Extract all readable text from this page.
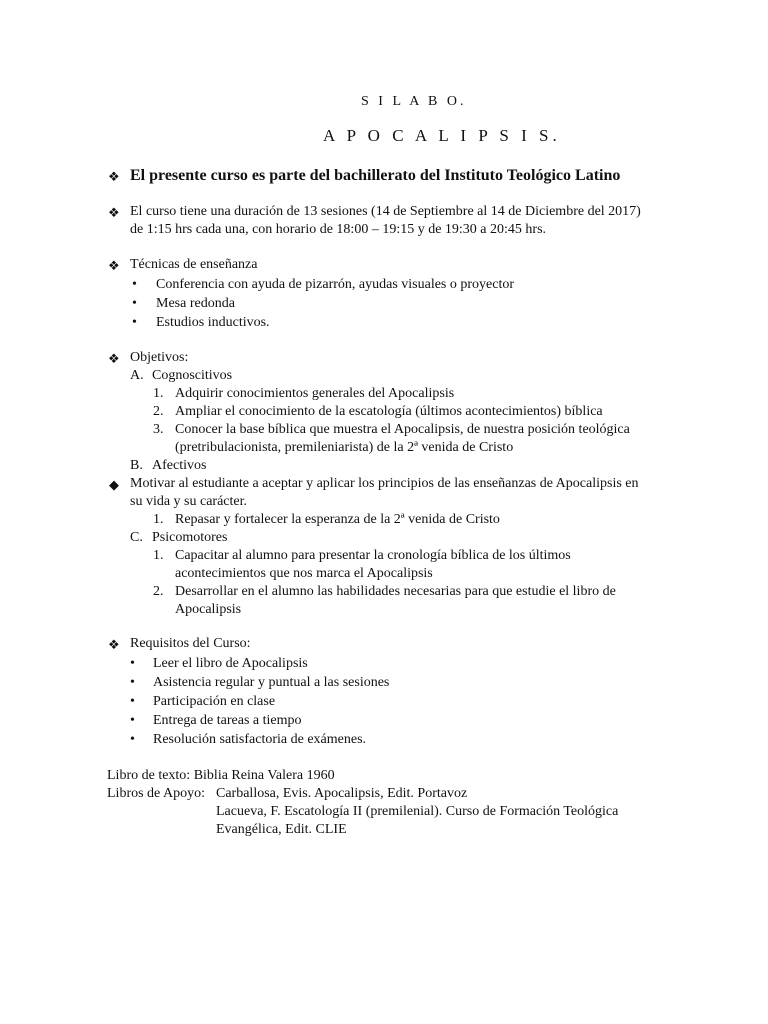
S I L A B O.
A P O C A L I P S I S.
❖ El presente curso es parte del bachillerato del Instituto Teológico Latino
❖ El curso tiene una duración de 13 sesiones (14 de Septiembre al 14 de Diciembre del 2017)
de 1:15 hrs cada una, con horario de 18:00 – 19:15 y de 19:30 a 20:45 hrs.
❖ Técnicas de enseñanza
• Conferencia con ayuda de pizarrón, ayudas visuales o proyector
• Mesa redonda
• Estudios inductivos.
❖ Objetivos:
A. Cognoscitivos
1. Adquirir conocimientos generales del Apocalipsis
2. Ampliar el conocimiento de la escatología (últimos acontecimientos) bíblica
3. Conocer la base bíblica que muestra el Apocalipsis, de nuestra posición teológica
(pretribulacionista, premileniarista) de la 2ª venida de Cristo
B. Afectivos
◆ Motivar al estudiante a aceptar y aplicar los principios de las enseñanzas de Apocalipsis en
su vida y su carácter.
1. Repasar y fortalecer la esperanza de la 2ª venida de Cristo
C. Psicomotores
1. Capacitar al alumno para presentar la cronología bíblica de los últimos
acontecimientos que nos marca el Apocalipsis
2. Desarrollar en el alumno las habilidades necesarias para que estudie el libro de
Apocalipsis
❖ Requisitos del Curso:
• Leer el libro de Apocalipsis
• Asistencia regular y puntual a las sesiones
• Participación en clase
• Entrega de tareas a tiempo
• Resolución satisfactoria de exámenes.
Libro de texto: Biblia Reina Valera 1960
Libros de Apoyo: Carballosa, Evis. Apocalipsis, Edit. Portavoz
Lacueva, F. Escatología II (premilenial). Curso de Formación Teológica
Evangélica, Edit. CLIE
